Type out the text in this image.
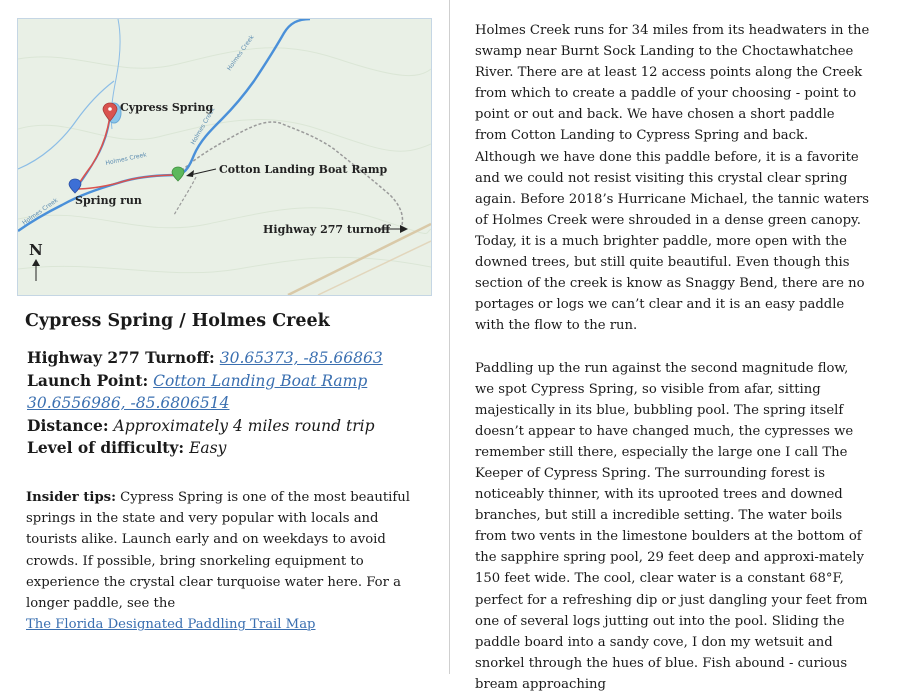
Holmes Creek
Holmes Creek
Holmes Creek
Holmes Creek
Cypress Spring
Cotton Landing Boat Ramp
Spring run
Highway 277 turnoff
N
Cypress Spring / Holmes Creek
Highway 277 Turnoff: 30.65373, -85.66863
Launch Point: Cotton Landing Boat Ramp
30.6556986, -85.6806514
Distance: Approximately 4 miles round trip
Level of difficulty: Easy
Insider tips: Cypress Spring is one of the most beautiful springs in the state and very popular with locals and tourists alike. Launch early and on weekdays to avoid crowds. If possible, bring snorkeling equipment to experience the crystal clear turquoise water here. For a longer paddle, see the
The Florida Designated Paddling Trail Map

Holmes Creek runs for 34 miles from its headwaters in the swamp near Burnt Sock Landing to the Choctawhatchee River. There are at least 12 access points along the Creek from which to create a paddle of your choosing - point to point or out and back. We have chosen a short paddle from Cotton Landing to Cypress Spring and back. Although we have done this paddle before, it is a favorite and we could not resist visiting this crystal clear spring again. Before 2018’s Hurricane Michael, the tannic waters of Holmes Creek were shrouded in a dense green canopy. Today, it is a much brighter paddle, more open with the downed trees, but still quite beautiful. Even though this section of the creek is know as Snaggy Bend, there are no portages or logs we can’t clear and it is an easy paddle with the flow to the run.

Paddling up the run against the second magnitude flow, we spot Cypress Spring, so visible from afar, sitting majestically in its blue, bubbling pool. The spring itself doesn’t appear to have changed much, the cypresses we remember still there, especially the large one I call The Keeper of Cypress Spring. The surrounding forest is noticeably thinner, with its uprooted trees and downed branches, but still a incredible setting. The water boils from two vents in the limestone boulders at the bottom of the sapphire spring pool, 29 feet deep and approxi-mately 150 feet wide. The cool, clear water is a constant 68°F, perfect for a refreshing dip or just dangling your feet from one of several logs jutting out into the pool. Sliding the paddle board into a sandy cove, I don my wetsuit and snorkel through the hues of blue. Fish abound - curious bream approaching
